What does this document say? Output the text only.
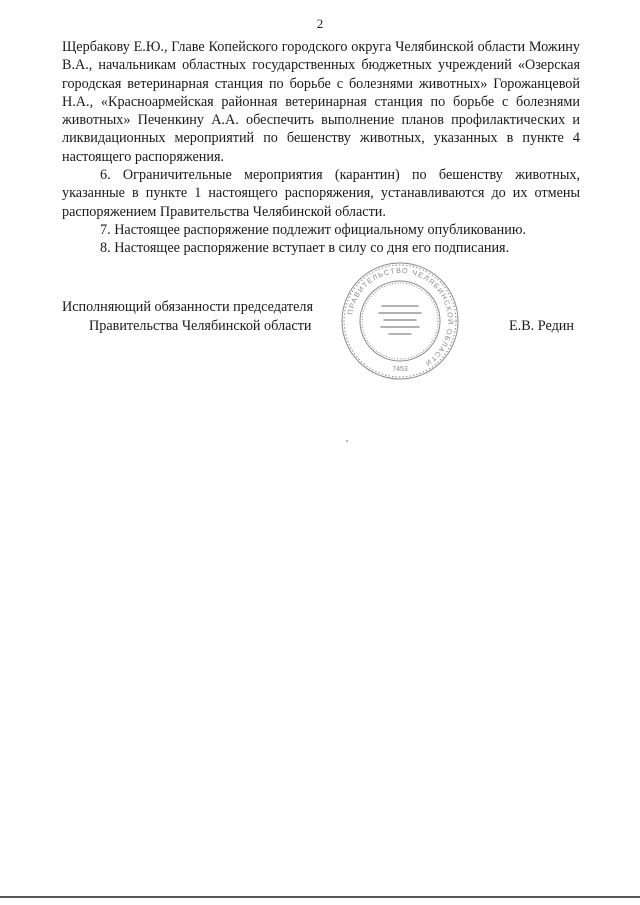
2

Щербакову Е.Ю., Главе Копейского городского округа Челябинской области Можину В.А., начальникам областных государственных бюджетных учреждений «Озерская городская ветеринарная станция по борьбе с болезнями животных» Горожанцевой Н.А., «Красноармейская районная ветеринарная станция по борьбе с болезнями животных» Печенкину А.А. обеспечить выполнение планов профилактических и ликвидационных мероприятий по бешенству животных, указанных в пункте 4 настоящего распоряжения.

6. Ограничительные мероприятия (карантин) по бешенству животных, указанные в пункте 1 настоящего распоряжения, устанавливаются до их отмены распоряжением Правительства Челябинской области.

7. Настоящее распоряжение подлежит официальному опубликованию.

8. Настоящее распоряжение вступает в силу со дня его подписания.

Исполняющий обязанности председателя
Правительства Челябинской области	Е.В. Редин
ПРАВИТЕЛЬСТВО ЧЕЛЯБИНСКОЙ ОБЛАСТИ
7453
